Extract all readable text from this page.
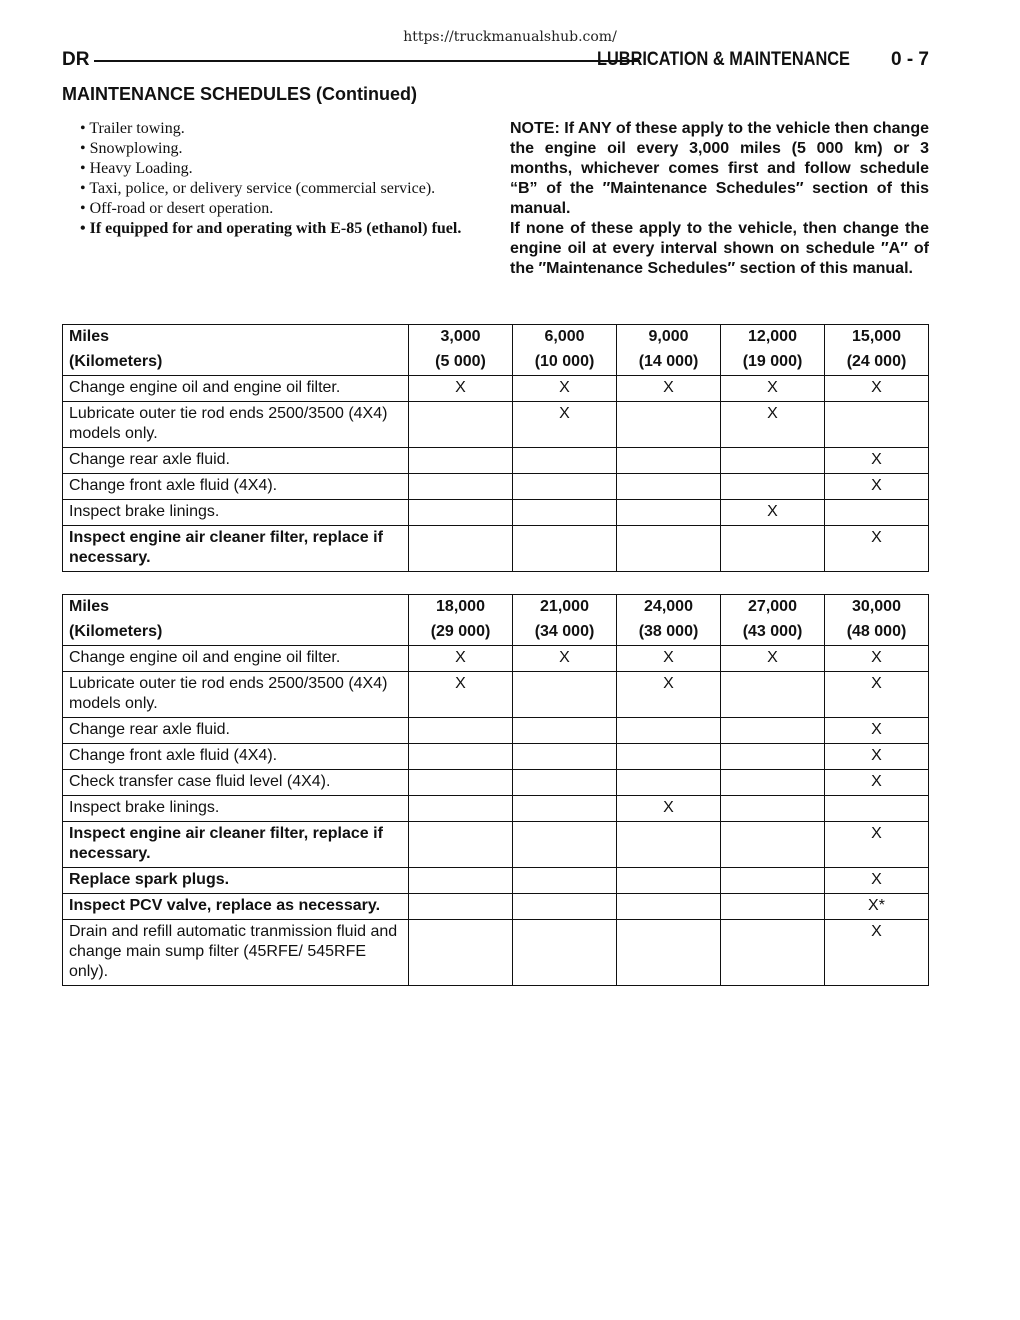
https://truckmanualshub.com/
DR	LUBRICATION & MAINTENANCE 0 - 7
MAINTENANCE SCHEDULES (Continued)

• Trailer towing.

• Snowplowing.

• Heavy Loading.

• Taxi, police, or delivery service (commercial service).

• Off-road or desert operation.

• If equipped for and operating with E-85 (ethanol) fuel.

NOTE: If ANY of these apply to the vehicle then change the engine oil every 3,000 miles (5 000 km) or 3 months, whichever comes first and follow schedule “B” of the ″Maintenance Schedules″ section of this manual.

If none of these apply to the vehicle, then change the engine oil at every interval shown on schedule ″A″ of the ″Maintenance Schedules″ section of this manual.

Miles	3,000	6,000	9,000	12,000	15,000
(Kilometers)	(5 000)	(10 000)	(14 000)	(19 000)	(24 000)
Change engine oil and engine oil filter.	X	X	X	X	X
Lubricate outer tie rod ends 2500/3500 (4X4) models only.		X		X	
Change rear axle fluid.					X
Change front axle fluid (4X4).					X
Inspect brake linings.				X	
Inspect engine air cleaner filter, replace if necessary.					X
Miles	18,000	21,000	24,000	27,000	30,000
(Kilometers)	(29 000)	(34 000)	(38 000)	(43 000)	(48 000)
Change engine oil and engine oil filter.	X	X	X	X	X
Lubricate outer tie rod ends 2500/3500 (4X4) models only.	X		X		X
Change rear axle fluid.					X
Change front axle fluid (4X4).					X
Check transfer case fluid level (4X4).					X
Inspect brake linings.			X		
Inspect engine air cleaner filter, replace if necessary.					X
Replace spark plugs.					X
Inspect PCV valve, replace as necessary.					X*
Drain and refill automatic tranmission fluid and change main sump filter (45RFE/ 545RFE only).					X
